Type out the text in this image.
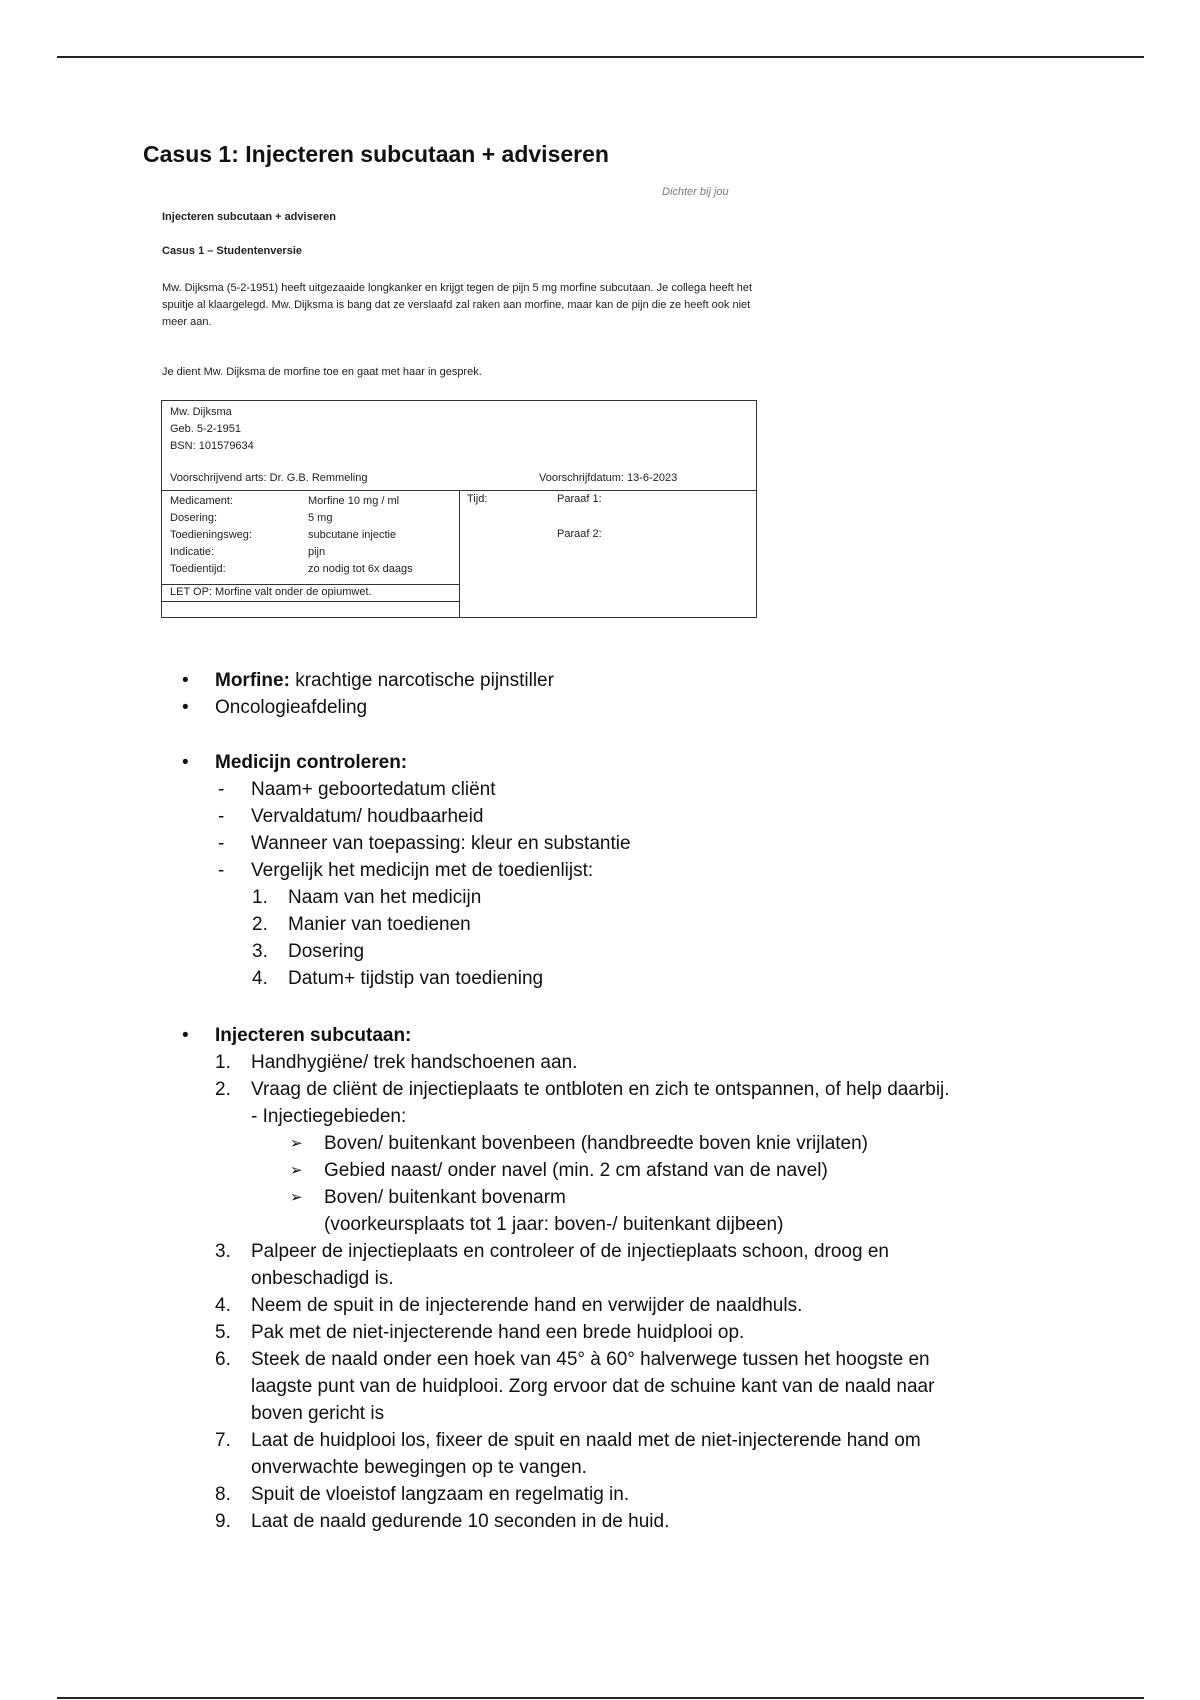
Casus 1: Injecteren subcutaan + adviseren
Dichter bij jou
Injecteren subcutaan + adviseren
Casus 1 – Studentenversie
Mw. Dijksma (5-2-1951) heeft uitgezaaide longkanker en krijgt tegen de pijn 5 mg morfine subcutaan. Je collega heeft het spuitje al klaargelegd. Mw. Dijksma is bang dat ze verslaafd zal raken aan morfine, maar kan de pijn die ze heeft ook niet meer aan.
Je dient Mw. Dijksma de morfine toe en gaat met haar in gesprek.
Mw. Dijksma
Geb. 5-2-1951
BSN: 101579634
Voorschrijvend arts: Dr. G.B. Remmeling	Voorschrijfdatum: 13-6-2023
Medicament:	Morfine 10 mg / ml
Dosering:	5 mg
Toedieningsweg:	subcutane injectie
Indicatie:	pijn
Toedientijd:	zo nodig tot 6x daags
LET OP: Morfine valt onder de opiumwet.
Tijd:	Paraaf 1:
Paraaf 2:
• Morfine: krachtige narcotische pijnstiller
• Oncologieafdeling
• Medicijn controleren:
- Naam+ geboortedatum cliënt
- Vervaldatum/ houdbaarheid
- Wanneer van toepassing: kleur en substantie
- Vergelijk het medicijn met de toedienlijst:
1. Naam van het medicijn
2. Manier van toedienen
3. Dosering
4. Datum+ tijdstip van toediening
• Injecteren subcutaan:
1. Handhygiëne/ trek handschoenen aan.
2. Vraag de cliënt de injectieplaats te ontbloten en zich te ontspannen, of help daarbij.
- Injectiegebieden:
➢ Boven/ buitenkant bovenbeen (handbreedte boven knie vrijlaten)
➢ Gebied naast/ onder navel (min. 2 cm afstand van de navel)
➢ Boven/ buitenkant bovenarm
(voorkeursplaats tot 1 jaar: boven-/ buitenkant dijbeen)
3. Palpeer de injectieplaats en controleer of de injectieplaats schoon, droog en
onbeschadigd is.
4. Neem de spuit in de injecterende hand en verwijder de naaldhuls.
5. Pak met de niet-injecterende hand een brede huidplooi op.
6. Steek de naald onder een hoek van 45° à 60° halverwege tussen het hoogste en
laagste punt van de huidplooi. Zorg ervoor dat de schuine kant van de naald naar
boven gericht is
7. Laat de huidplooi los, fixeer de spuit en naald met de niet-injecterende hand om
onverwachte bewegingen op te vangen.
8. Spuit de vloeistof langzaam en regelmatig in.
9. Laat de naald gedurende 10 seconden in de huid.
